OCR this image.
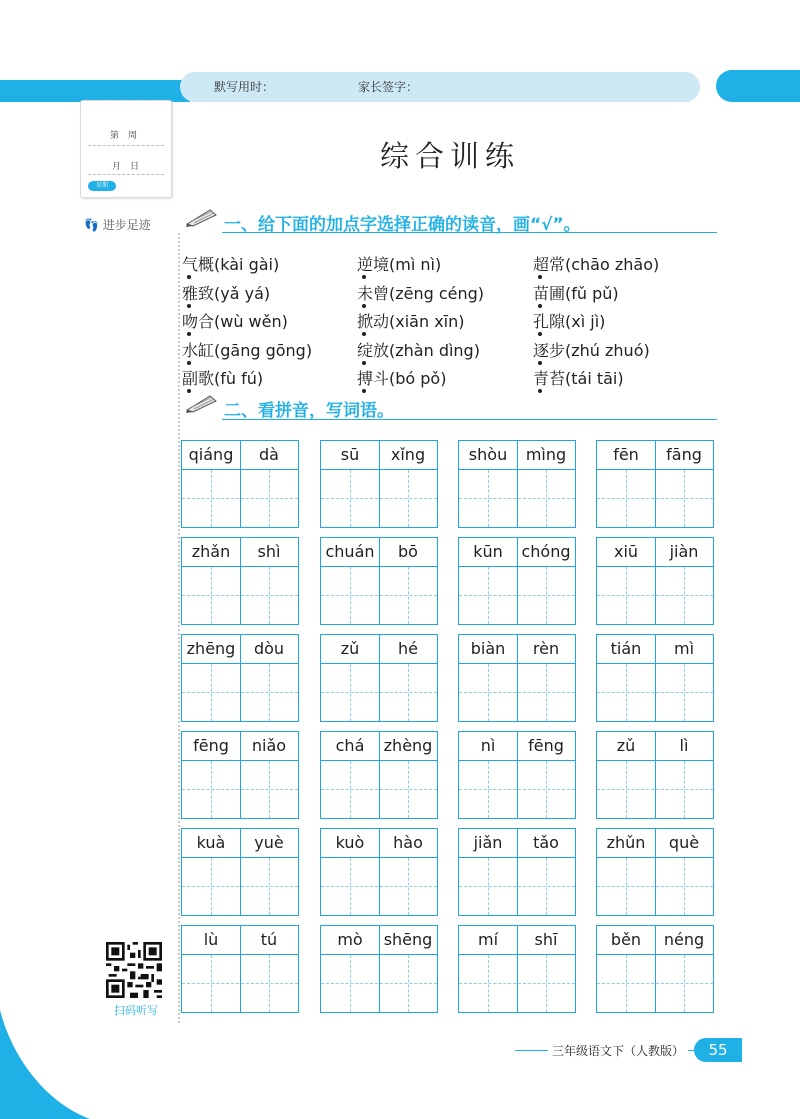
默写用时：	家长签字：
第　周
月　日
星期
👣 进步足迹
综合训练
一、给下面的加点字选择正确的读音，画“√”。
气概(kài gài)	逆境(mì nì)	超常(chāo zhāo)
雅致(yǎ yá)	未曾(zēng céng)	苗圃(fǔ pǔ)
吻合(wù wěn)	掀动(xiān xīn)	孔隙(xì jì)
水缸(gāng gōng)	绽放(zhàn dìng)	逐步(zhú zhuó)
副歌(fù fú)	搏斗(bó pǒ)	青苔(tái tāi)
二、看拼音，写词语。
qiáng	dà	sū	xǐng	shòu	mìng	fēn	fāng
zhǎn	shì	chuán	bō	kūn	chóng	xiū	jiàn
zhēng	dòu	zǔ	hé	biàn	rèn	tián	mì
fēng	niǎo	chá	zhèng	nì	fēng	zǔ	lì
kuà	yuè	kuò	hào	jiǎn	tǎo	zhǔn	què
lù	tú	mò	shēng	mí	shī	běn	néng
扫码听写
三年级语文下（人教版）	55
